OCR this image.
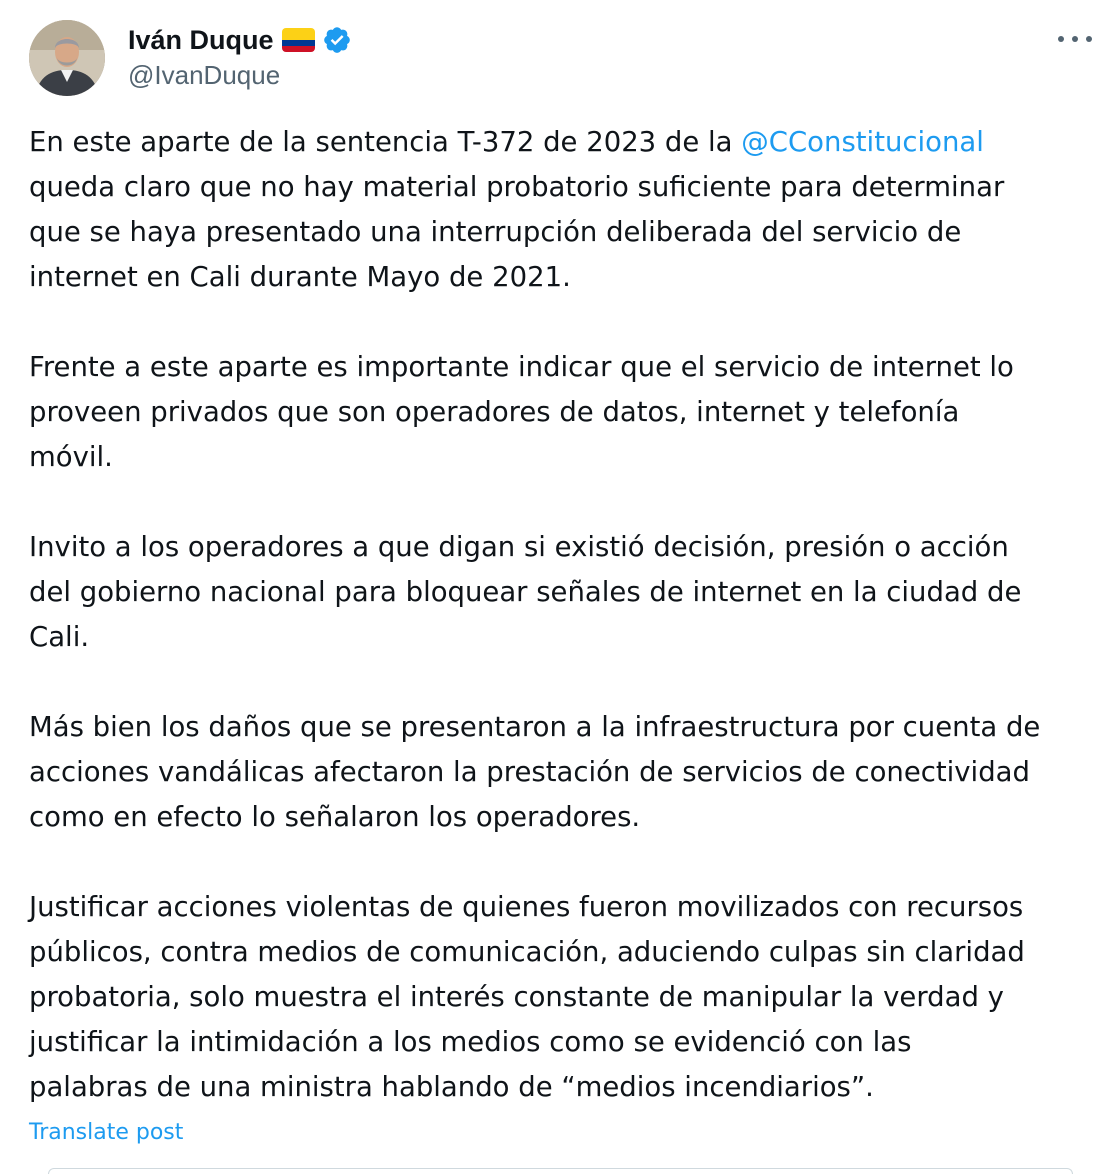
Iván Duque
@IvanDuque

En este aparte de la sentencia T-372 de 2023 de la @CConstitucional

queda claro que no hay material probatorio suficiente para determinar

que se haya presentado una interrupción deliberada del servicio de

internet en Cali durante Mayo de 2021.

Frente a este aparte es importante indicar que el servicio de internet lo

proveen privados que son operadores de datos, internet y telefonía

móvil.

Invito a los operadores a que digan si existió decisión, presión o acción

del gobierno nacional para bloquear señales de internet en la ciudad de

Cali.

Más bien los daños que se presentaron a la infraestructura por cuenta de

acciones vandálicas afectaron la prestación de servicios de conectividad

como en efecto lo señalaron los operadores.

Justificar acciones violentas de quienes fueron movilizados con recursos

públicos, contra medios de comunicación, aduciendo culpas sin claridad

probatoria, solo muestra el interés constante de manipular la verdad y

justificar la intimidación a los medios como se evidenció con las

palabras de una ministra hablando de “medios incendiarios”.

Translate post
